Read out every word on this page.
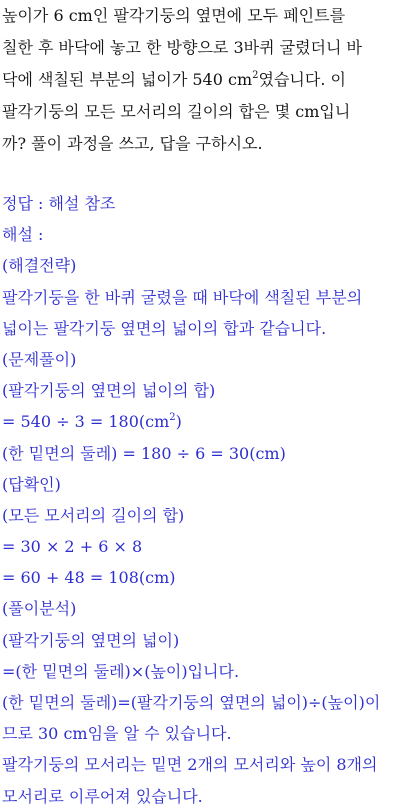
높이가 6 cm인 팔각기둥의 옆면에 모두 페인트를
칠한 후 바닥에 놓고 한 방향으로 3바퀴 굴렸더니 바
닥에 색칠된 부분의 넓이가 540 $cm^2$였습니다. 이
팔각기둥의 모든 모서리의 길이의 합은 몇 cm입니
까? 풀이 과정을 쓰고, 답을 구하시오.
정답 : 해설 참조
해설 :
(해결전략)
팔각기둥을 한 바퀴 굴렸을 때 바닥에 색칠된 부분의
넓이는 팔각기둥 옆면의 넓이의 합과 같습니다.
(문제풀이)
(팔각기둥의 옆면의 넓이의 합)
= $540 \div 3 = 180(cm^2)$
(한 밑면의 둘레) = 180 ÷ 6 = 30(cm)
(답확인)
(모든 모서리의 길이의 합)
= 30 × 2 + 6 × 8
= 60 + 48 = 108(cm)
(풀이분석)
(팔각기둥의 옆면의 넓이)
=(한 밑면의 둘레)×(높이)입니다.
(한 밑면의 둘레)=(팔각기둥의 옆면의 넓이)÷(높이)이
므로 30 cm임을 알 수 있습니다.
팔각기둥의 모서리는 밑면 2개의 모서리와 높이 8개의
모서리로 이루어져 있습니다.
